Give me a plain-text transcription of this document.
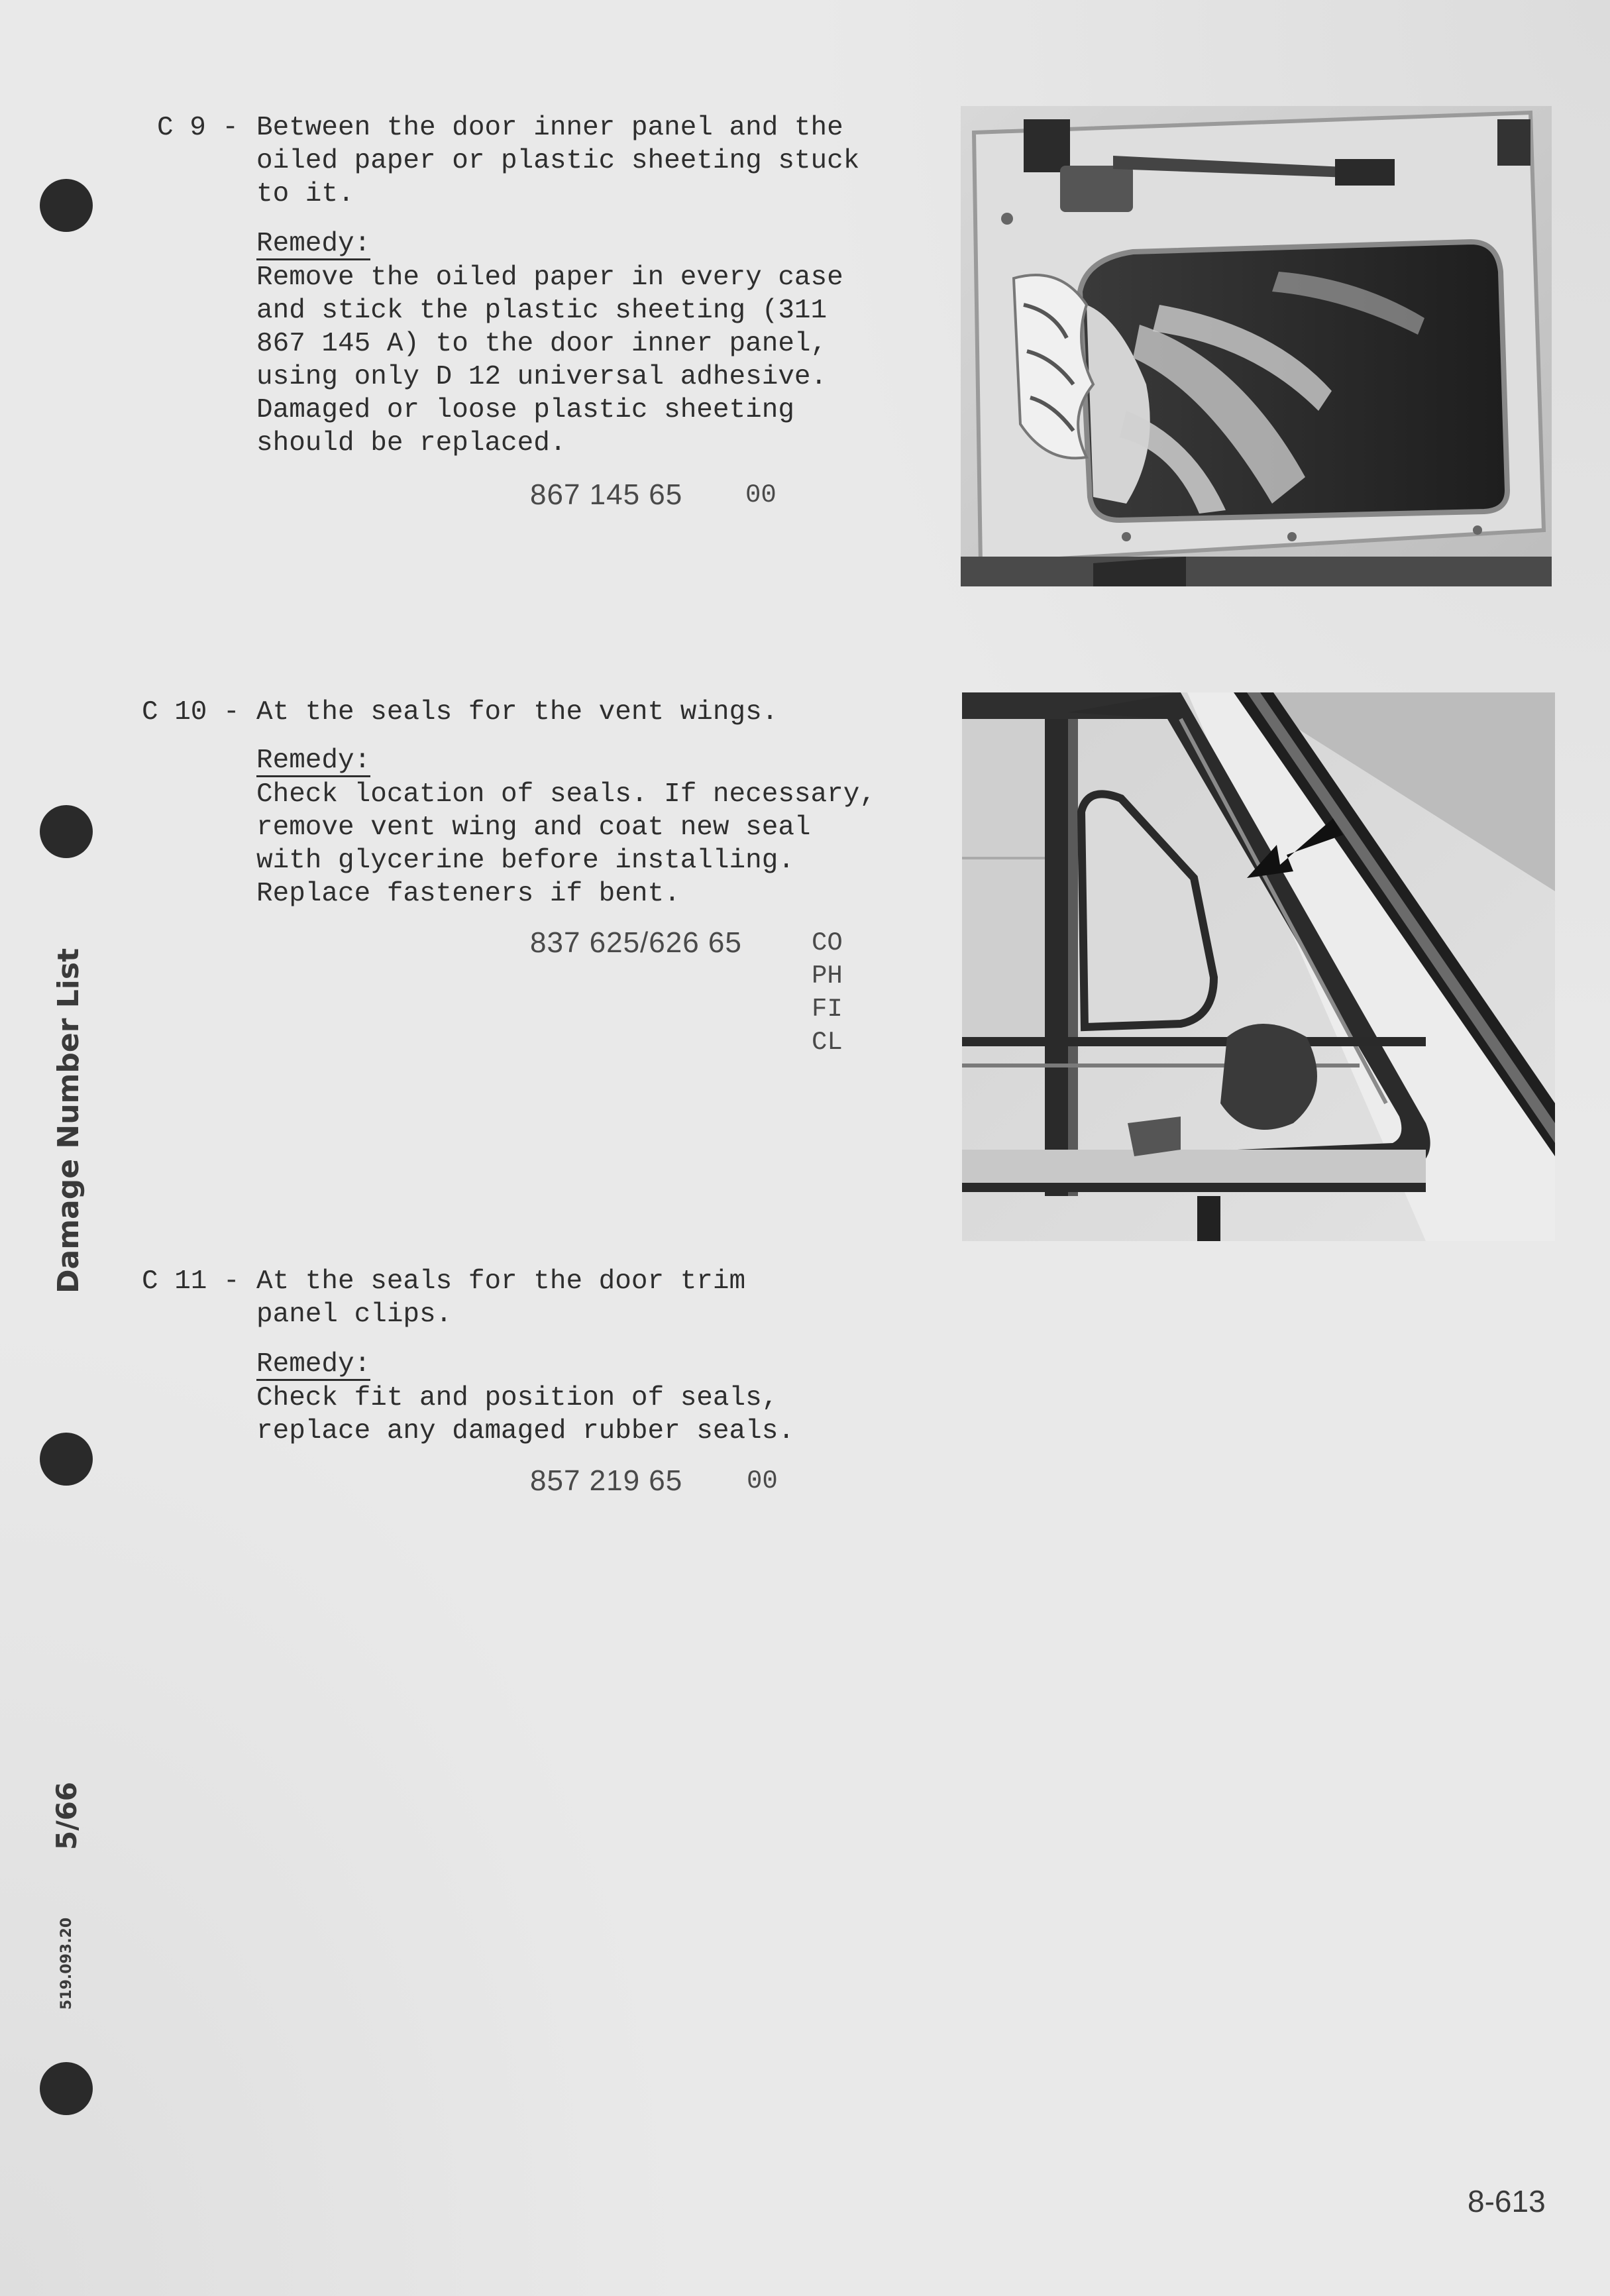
Damage Number List
5/66
519.093.20
C 9 - Between the door inner panel and the
oiled paper or plastic sheeting stuck
to it.
Remedy:
Remove the oiled paper in every case
and stick the plastic sheeting (311
867 145 A) to the door inner panel,
using only D 12 universal adhesive.
Damaged or loose plastic sheeting
should be replaced.
867 145 65 00
C 10 - At the seals for the vent wings.
Remedy:
Check location of seals. If necessary,
remove vent wing and coat new seal
with glycerine before installing.
Replace fasteners if bent.
837 625/626 65	CO
PH
FI
CL
C 11 - At the seals for the door trim
panel clips.
Remedy:
Check fit and position of seals,
replace any damaged rubber seals.
857 219 65 00
8-613
